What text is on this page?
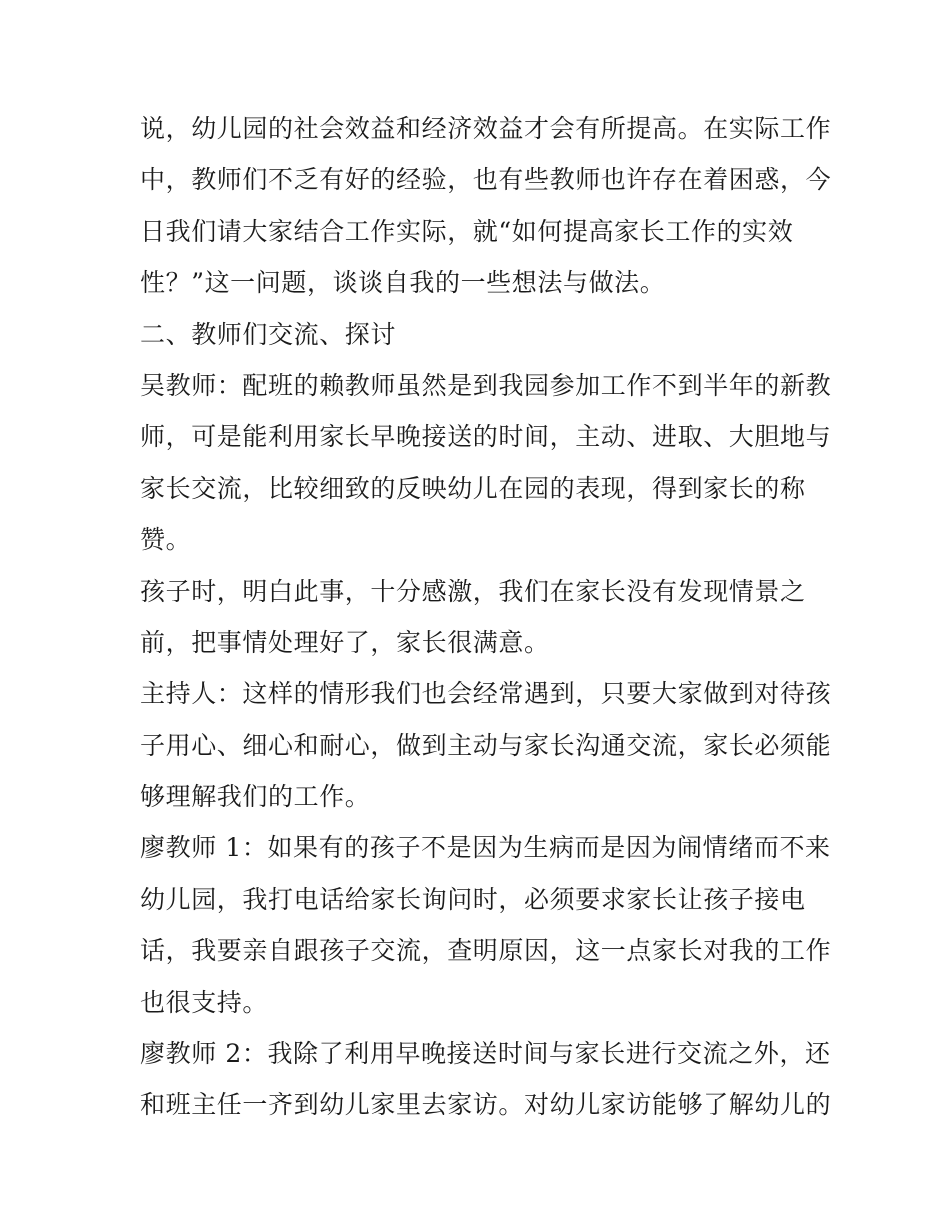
说，幼儿园的社会效益和经济效益才会有所提高。在实际工作
中，教师们不乏有好的经验，也有些教师也许存在着困惑，今
日我们请大家结合工作实际，就“如何提高家长工作的实效
性？”这一问题，谈谈自我的一些想法与做法。

二、教师们交流、探讨

吴教师：配班的赖教师虽然是到我园参加工作不到半年的新教
师，可是能利用家长早晚接送的时间，主动、进取、大胆地与
家长交流，比较细致的反映幼儿在园的表现，得到家长的称
赞。

孩子时，明白此事，十分感激，我们在家长没有发现情景之
前，把事情处理好了，家长很满意。

主持人：这样的情形我们也会经常遇到，只要大家做到对待孩
子用心、细心和耐心，做到主动与家长沟通交流，家长必须能
够理解我们的工作。

廖教师 1：如果有的孩子不是因为生病而是因为闹情绪而不来
幼儿园，我打电话给家长询问时，必须要求家长让孩子接电
话，我要亲自跟孩子交流，查明原因，这一点家长对我的工作
也很支持。

廖教师 2：我除了利用早晚接送时间与家长进行交流之外，还
和班主任一齐到幼儿家里去家访。对幼儿家访能够了解幼儿的
